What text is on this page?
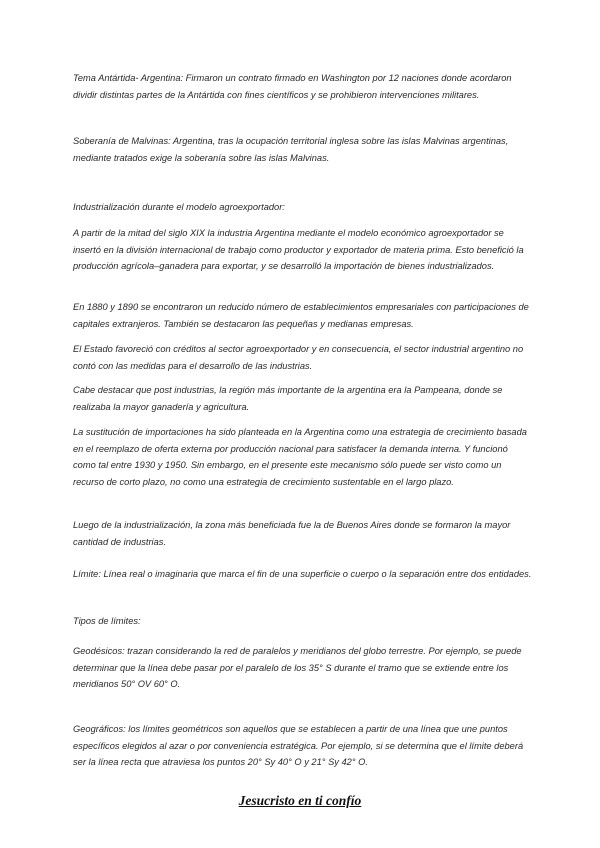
Tema Antártida- Argentina: Firmaron un contrato firmado en Washington por 12 naciones donde acordaron dividir distintas partes de la Antártida con fines científicos y se prohibieron intervenciones militares.

Soberanía de Malvinas: Argentina, tras la ocupación territorial inglesa sobre las islas Malvinas argentinas, mediante tratados exige la soberanía sobre las islas Malvinas.

Industrialización durante el modelo agroexportador:

A partir de la mitad del siglo XIX la industria Argentina mediante el modelo económico agroexportador se insertó en la división internacional de trabajo como productor y exportador de materia prima. Esto benefició la producción agrícola–ganadera para exportar, y se desarrolló la importación de bienes industrializados.

En 1880 y 1890 se encontraron un reducido número de establecimientos empresariales con participaciones de capitales extranjeros. También se destacaron las pequeñas y medianas empresas.

El Estado favoreció con créditos al sector agroexportador y en consecuencia, el sector industrial argentino no contó con las medidas para el desarrollo de las industrias.

Cabe destacar que post industrias, la región más importante de la argentina era la Pampeana, donde se realizaba la mayor ganadería y agricultura.

La sustitución de importaciones ha sido planteada en la Argentina como una estrategia de crecimiento basada en el reemplazo de oferta externa por producción nacional para satisfacer la demanda interna. Y funcionó como tal entre 1930 y 1950. Sin embargo, en el presente este mecanismo sólo puede ser visto como un recurso de corto plazo, no como una estrategia de crecimiento sustentable en el largo plazo.

Luego de la industrialización, la zona más beneficiada fue la de Buenos Aires donde se formaron la mayor cantidad de industrias.

Límite: Línea real o imaginaria que marca el fin de una superficie o cuerpo o la separación entre dos entidades.

Tipos de límites:

Geodésicos: trazan considerando la red de paralelos y meridianos del globo terrestre. Por ejemplo, se puede determinar que la línea debe pasar por el paralelo de los 35° S durante el tramo que se extiende entre los meridianos 50° OV 60° O.

Geográficos: los límites geométricos son aquellos que se establecen a partir de una línea que une puntos específicos elegidos al azar o por conveniencia estratégica. Por ejemplo, si se determina que el límite deberá ser la línea recta que atraviesa los puntos 20° Sy 40° O y 21° Sy 42° O.

Jesucristo en ti confío
